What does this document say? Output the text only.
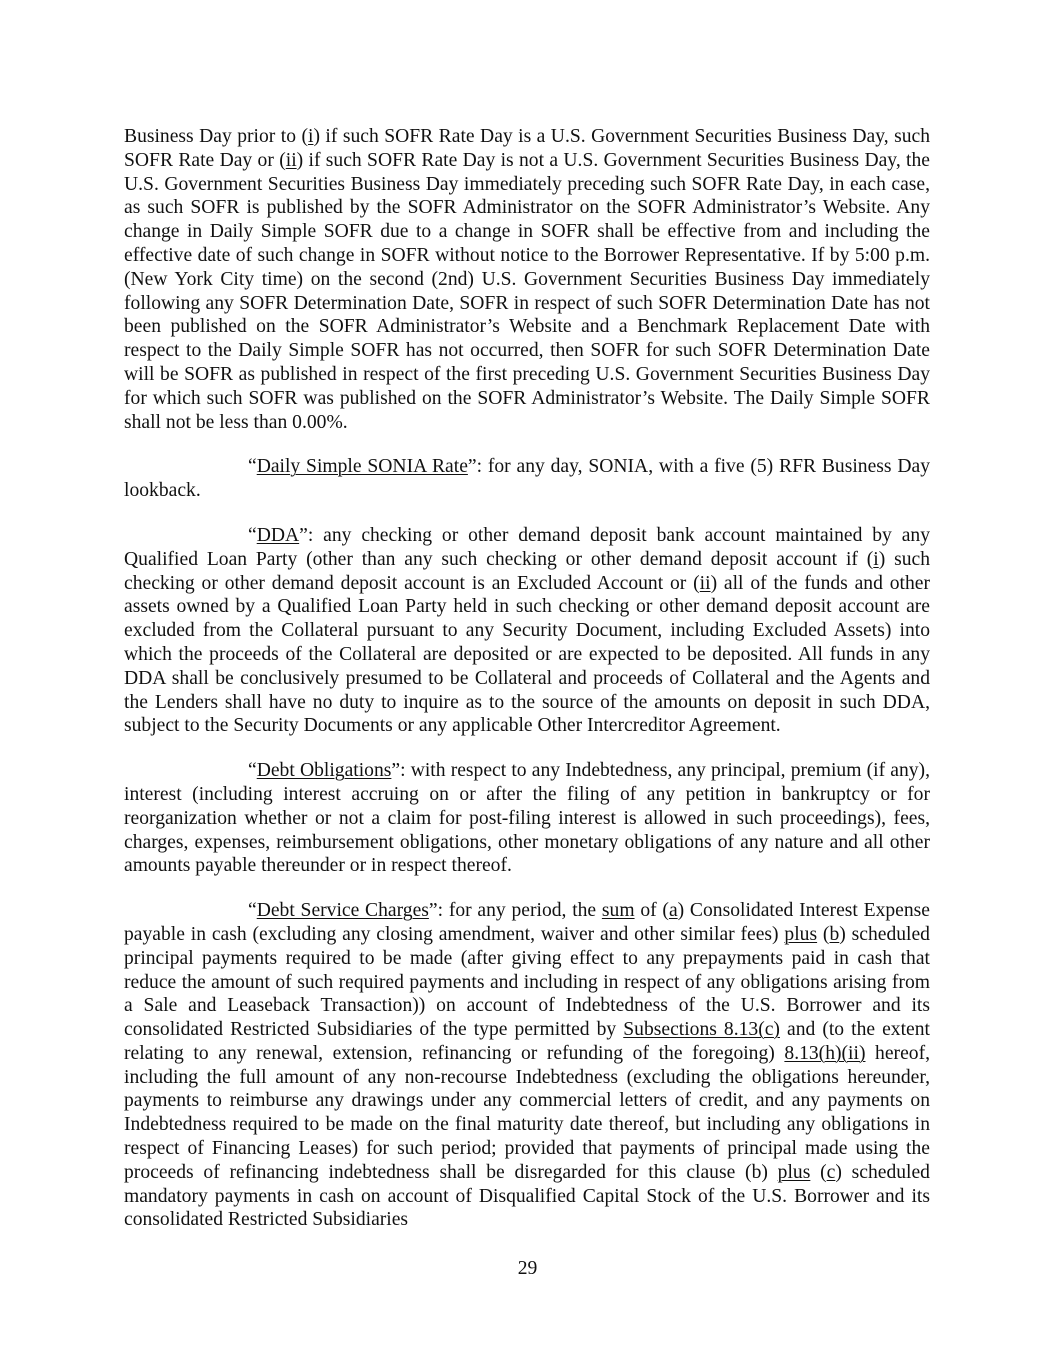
Business Day prior to (i) if such SOFR Rate Day is a U.S. Government Securities Business Day, such SOFR Rate Day or (ii) if such SOFR Rate Day is not a U.S. Government Securities Business Day, the U.S. Government Securities Business Day immediately preceding such SOFR Rate Day, in each case, as such SOFR is published by the SOFR Administrator on the SOFR Administrator’s Website. Any change in Daily Simple SOFR due to a change in SOFR shall be effective from and including the effective date of such change in SOFR without notice to the Borrower Representative. If by 5:00 p.m. (New York City time) on the second (2nd) U.S. Government Securities Business Day immediately following any SOFR Determination Date, SOFR in respect of such SOFR Determination Date has not been published on the SOFR Administrator’s Website and a Benchmark Replacement Date with respect to the Daily Simple SOFR has not occurred, then SOFR for such SOFR Determination Date will be SOFR as published in respect of the first preceding U.S. Government Securities Business Day for which such SOFR was published on the SOFR Administrator’s Website. The Daily Simple SOFR shall not be less than 0.00%.

“Daily Simple SONIA Rate”: for any day, SONIA, with a five (5) RFR Business Day lookback.

“DDA”: any checking or other demand deposit bank account maintained by any Qualified Loan Party (other than any such checking or other demand deposit account if (i) such checking or other demand deposit account is an Excluded Account or (ii) all of the funds and other assets owned by a Qualified Loan Party held in such checking or other demand deposit account are excluded from the Collateral pursuant to any Security Document, including Excluded Assets) into which the proceeds of the Collateral are deposited or are expected to be deposited. All funds in any DDA shall be conclusively presumed to be Collateral and proceeds of Collateral and the Agents and the Lenders shall have no duty to inquire as to the source of the amounts on deposit in such DDA, subject to the Security Documents or any applicable Other Intercreditor Agreement.

“Debt Obligations”: with respect to any Indebtedness, any principal, premium (if any), interest (including interest accruing on or after the filing of any petition in bankruptcy or for reorganization whether or not a claim for post-filing interest is allowed in such proceedings), fees, charges, expenses, reimbursement obligations, other monetary obligations of any nature and all other amounts payable thereunder or in respect thereof.

“Debt Service Charges”: for any period, the sum of (a) Consolidated Interest Expense payable in cash (excluding any closing amendment, waiver and other similar fees) plus (b) scheduled principal payments required to be made (after giving effect to any prepayments paid in cash that reduce the amount of such required payments and including in respect of any obligations arising from a Sale and Leaseback Transaction)) on account of Indebtedness of the U.S. Borrower and its consolidated Restricted Subsidiaries of the type permitted by Subsections 8.13(c) and (to the extent relating to any renewal, extension, refinancing or refunding of the foregoing) 8.13(h)(ii) hereof, including the full amount of any non-recourse Indebtedness (excluding the obligations hereunder, payments to reimburse any drawings under any commercial letters of credit, and any payments on Indebtedness required to be made on the final maturity date thereof, but including any obligations in respect of Financing Leases) for such period; provided that payments of principal made using the proceeds of refinancing indebtedness shall be disregarded for this clause (b) plus (c) scheduled mandatory payments in cash on account of Disqualified Capital Stock of the U.S. Borrower and its consolidated Restricted Subsidiaries

29
